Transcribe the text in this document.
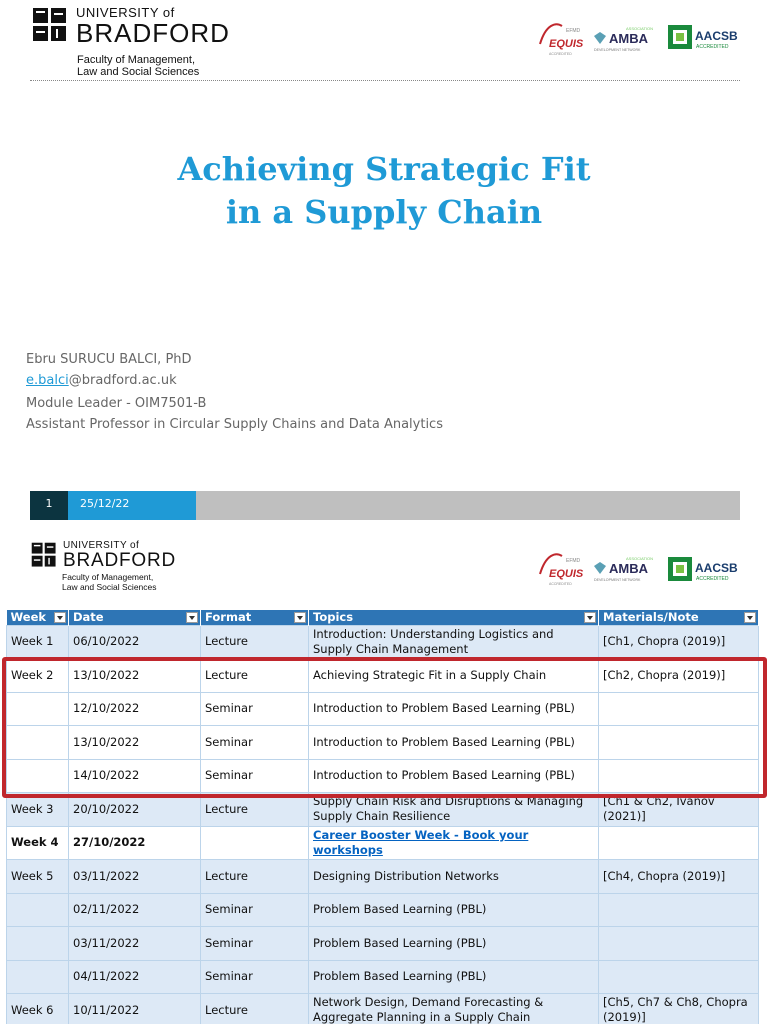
UNIVERSITY of
BRADFORD
Faculty of Management,
Law and Social Sciences
EFMD
EQUIS
ACCREDITED
ASSOCIATION
AMBA
DEVELOPMENT NETWORK
AACSB
ACCREDITED
Achieving Strategic Fit
in a Supply Chain
Ebru SURUCU BALCI, PhD
e.balci@bradford.ac.uk
Module Leader - OIM7501-B
Assistant Professor in Circular Supply Chains and Data Analytics
1	25/12/22
UNIVERSITY of
BRADFORD
Faculty of Management,
Law and Social Sciences
EFMD
EQUIS
ACCREDITED
ASSOCIATION
AMBA
DEVELOPMENT NETWORK
AACSB
ACCREDITED
Week	Date	Format	Topics	Materials/Note

Week 1	06/10/2022	Lecture	Introduction: Understanding Logistics and Supply Chain Management	[Ch1, Chopra (2019)]
Week 2	13/10/2022	Lecture	Achieving Strategic Fit in a Supply Chain	[Ch2, Chopra (2019)]
	12/10/2022	Seminar	Introduction to Problem Based Learning (PBL)	
	13/10/2022	Seminar	Introduction to Problem Based Learning (PBL)	
	14/10/2022	Seminar	Introduction to Problem Based Learning (PBL)	
Week 3	20/10/2022	Lecture	Supply Chain Risk and Disruptions & Managing Supply Chain Resilience	[Ch1 & Ch2, Ivanov (2021)]
Week 4	27/10/2022		Career Booster Week - Book your workshops	
Week 5	03/11/2022	Lecture	Designing Distribution Networks	[Ch4, Chopra (2019)]
	02/11/2022	Seminar	Problem Based Learning (PBL)	
	03/11/2022	Seminar	Problem Based Learning (PBL)	
	04/11/2022	Seminar	Problem Based Learning (PBL)	
Week 6	10/11/2022	Lecture	Network Design, Demand Forecasting & Aggregate Planning in a Supply Chain	[Ch5, Ch7 & Ch8, Chopra (2019)]
